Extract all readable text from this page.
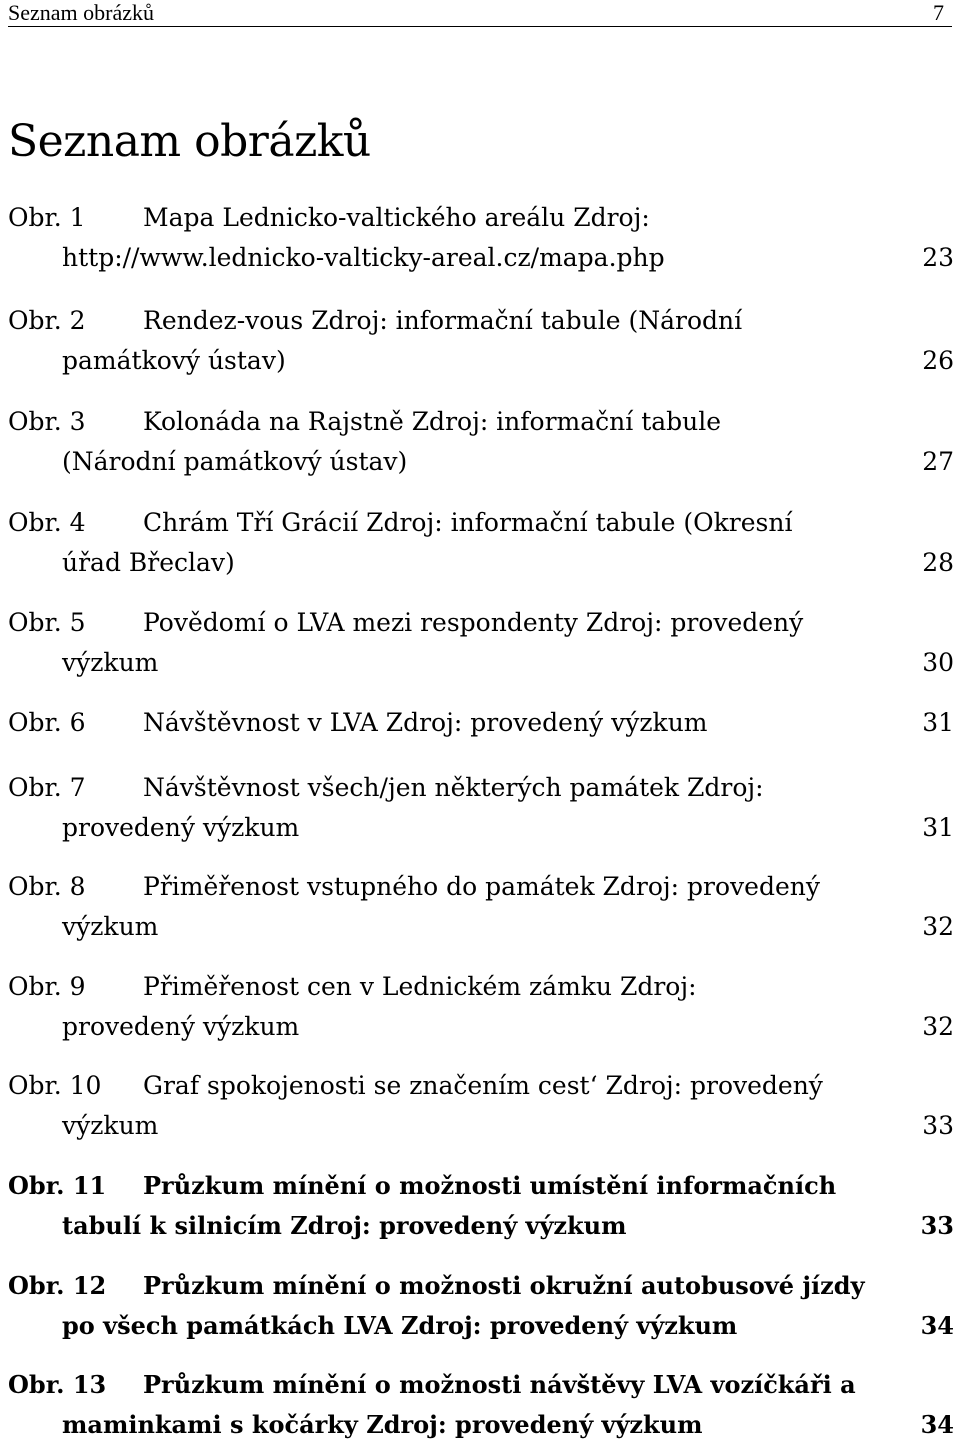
Seznam obrázků	7
Seznam obrázků
Obr. 1 Mapa Lednicko-valtického areálu Zdroj:
http://www.lednicko-valticky-areal.cz/mapa.php	23
Obr. 2 Rendez-vous Zdroj: informační tabule (Národní
památkový ústav)	26
Obr. 3 Kolonáda na Rajstně Zdroj: informační tabule
(Národní památkový ústav)	27
Obr. 4 Chrám Tří Grácií Zdroj: informační tabule (Okresní
úřad Břeclav)	28
Obr. 5 Povědomí o LVA mezi respondenty Zdroj: provedený
výzkum	30
Obr. 6 Návštěvnost v LVA Zdroj: provedený výzkum	31
Obr. 7 Návštěvnost všech/jen některých památek Zdroj:
provedený výzkum	31
Obr. 8 Přiměřenost vstupného do památek Zdroj: provedený
výzkum	32
Obr. 9 Přiměřenost cen v Lednickém zámku Zdroj:
provedený výzkum	32
Obr. 10 Graf spokojenosti se značením cest‘ Zdroj: provedený
výzkum	33
Obr. 11 Průzkum mínění o možnosti umístění informačních
tabulí k silnicím Zdroj: provedený výzkum	33
Obr. 12 Průzkum mínění o možnosti okružní autobusové jízdy
po všech památkách LVA Zdroj: provedený výzkum	34
Obr. 13 Průzkum mínění o možnosti návštěvy LVA vozíčkáři a
maminkami s kočárky Zdroj: provedený výzkum	34
